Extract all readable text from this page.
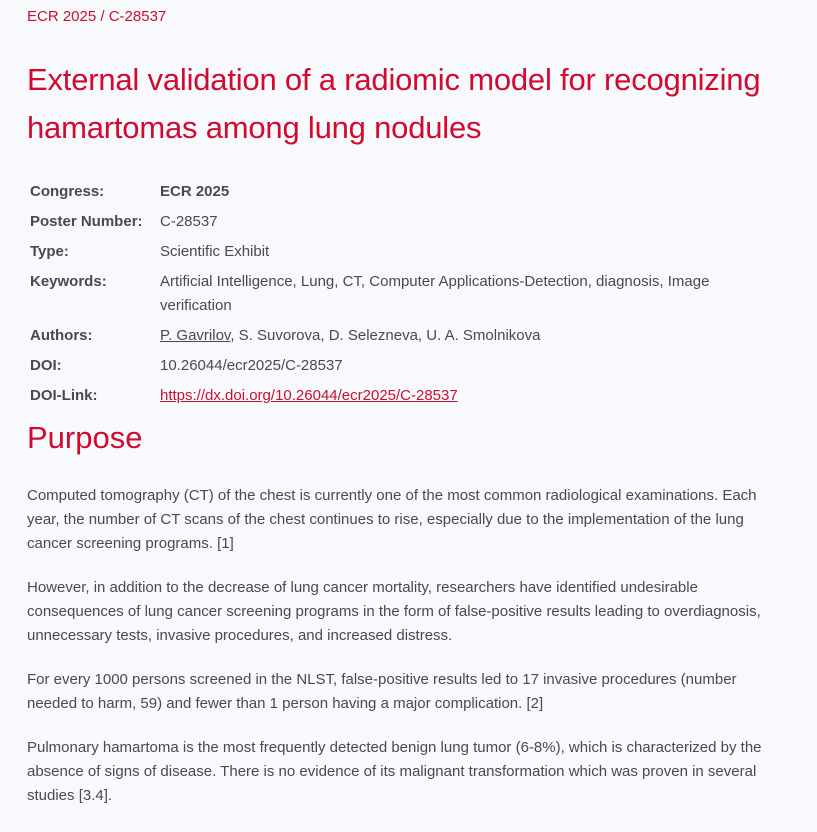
ECR 2025 / C-28537
External validation of a radiomic model for recognizing hamartomas among lung nodules
Congress:	ECR 2025
Poster Number:	C-28537
Type:	Scientific Exhibit
Keywords:	Artificial Intelligence, Lung, CT, Computer Applications-Detection, diagnosis, Image verification
Authors:	P. Gavrilov, S. Suvorova, D. Selezneva, U. A. Smolnikova
DOI:	10.26044/ecr2025/C-28537
DOI-Link:	https://dx.doi.org/10.26044/ecr2025/C-28537
Purpose

Computed tomography (CT) of the chest is currently one of the most common radiological examinations. Each year, the number of CT scans of the chest continues to rise, especially due to the implementation of the lung cancer screening programs. [1]

However, in addition to the decrease of lung cancer mortality, researchers have identified undesirable consequences of lung cancer screening programs in the form of false-positive results leading to overdiagnosis, unnecessary tests, invasive procedures, and increased distress.

For every 1000 persons screened in the NLST, false-positive results led to 17 invasive procedures (number needed to harm, 59) and fewer than 1 person having a major complication. [2]

Pulmonary hamartoma is the most frequently detected benign lung tumor (6-8%), which is characterized by the absence of signs of disease. There is no evidence of its malignant transformation which was proven in several studies [3.4].
